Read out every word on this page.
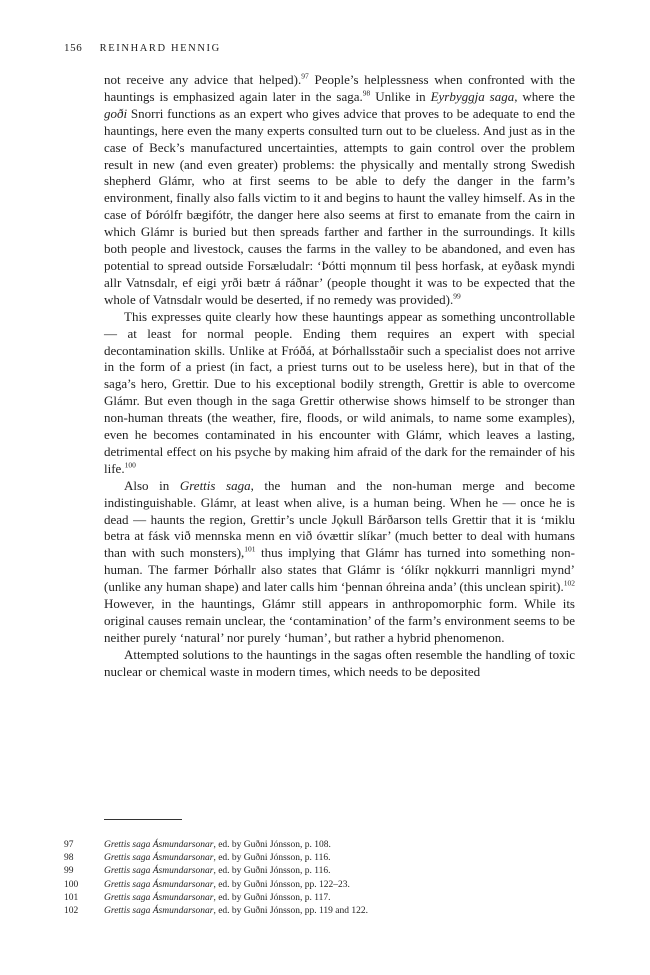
156 REINHARD HENNIG

not receive any advice that helped).$^{97}$ People’s helplessness when confronted with the hauntings is emphasized again later in the saga.$^{98}$ Unlike in Eyrbyggja saga, where the goði Snorri functions as an expert who gives advice that proves to be adequate to end the hauntings, here even the many experts consulted turn out to be clueless. And just as in the case of Beck’s manufactured uncertainties, attempts to gain control over the problem result in new (and even greater) problems: the physically and mentally strong Swedish shepherd Glámr, who at first seems to be able to defy the danger in the farm’s environment, finally also falls victim to it and begins to haunt the valley himself. As in the case of Þórólfr bægifótr, the danger here also seems at first to emanate from the cairn in which Glámr is buried but then spreads farther and farther in the surroundings. It kills both people and livestock, causes the farms in the valley to be abandoned, and even has potential to spread outside Forsæludalr: ‘Þótti mǫnnum til þess horfask, at eyðask myndi allr Vatnsdalr, ef eigi yrði bætr á ráðnar’ (people thought it was to be expected that the whole of Vatnsdalr would be deserted, if no remedy was provided).$^{99}$

This expresses quite clearly how these hauntings appear as something uncontrollable — at least for normal people. Ending them requires an expert with special decontamination skills. Unlike at Fróðá, at Þórhallsstaðir such a specialist does not arrive in the form of a priest (in fact, a priest turns out to be useless here), but in that of the saga’s hero, Grettir. Due to his exceptional bodily strength, Grettir is able to overcome Glámr. But even though in the saga Grettir otherwise shows himself to be stronger than non-human threats (the weather, fire, floods, or wild animals, to name some examples), even he becomes contaminated in his encounter with Glámr, which leaves a lasting, detrimental effect on his psyche by making him afraid of the dark for the remainder of his life.$^{100}$

Also in Grettis saga, the human and the non-human merge and become indistinguishable. Glámr, at least when alive, is a human being. When he — once he is dead — haunts the region, Grettir’s uncle Jǫkull Bárðarson tells Grettir that it is ‘miklu betra at fásk við mennska menn en við óvættir slíkar’ (much better to deal with humans than with such monsters),$^{101}$ thus implying that Glámr has turned into something non-human. The farmer Þórhallr also states that Glámr is ‘ólíkr nǫkkurri mannligri mynd’ (unlike any human shape) and later calls him ‘þennan óhreina anda’ (this unclean spirit).$^{102}$ However, in the hauntings, Glámr still appears in anthropomorphic form. While its original causes remain unclear, the ‘contamination’ of the farm’s environment seems to be neither purely ‘natural’ nor purely ‘human’, but rather a hybrid phenomenon.

Attempted solutions to the hauntings in the sagas often resemble the handling of toxic nuclear or chemical waste in modern times, which needs to be deposited

97	Grettis saga Ásmundarsonar, ed. by Guðni Jónsson, p. 108.
98	Grettis saga Ásmundarsonar, ed. by Guðni Jónsson, p. 116.
99	Grettis saga Ásmundarsonar, ed. by Guðni Jónsson, p. 116.
100	Grettis saga Ásmundarsonar, ed. by Guðni Jónsson, pp. 122–23.
101	Grettis saga Ásmundarsonar, ed. by Guðni Jónsson, p. 117.
102	Grettis saga Ásmundarsonar, ed. by Guðni Jónsson, pp. 119 and 122.
